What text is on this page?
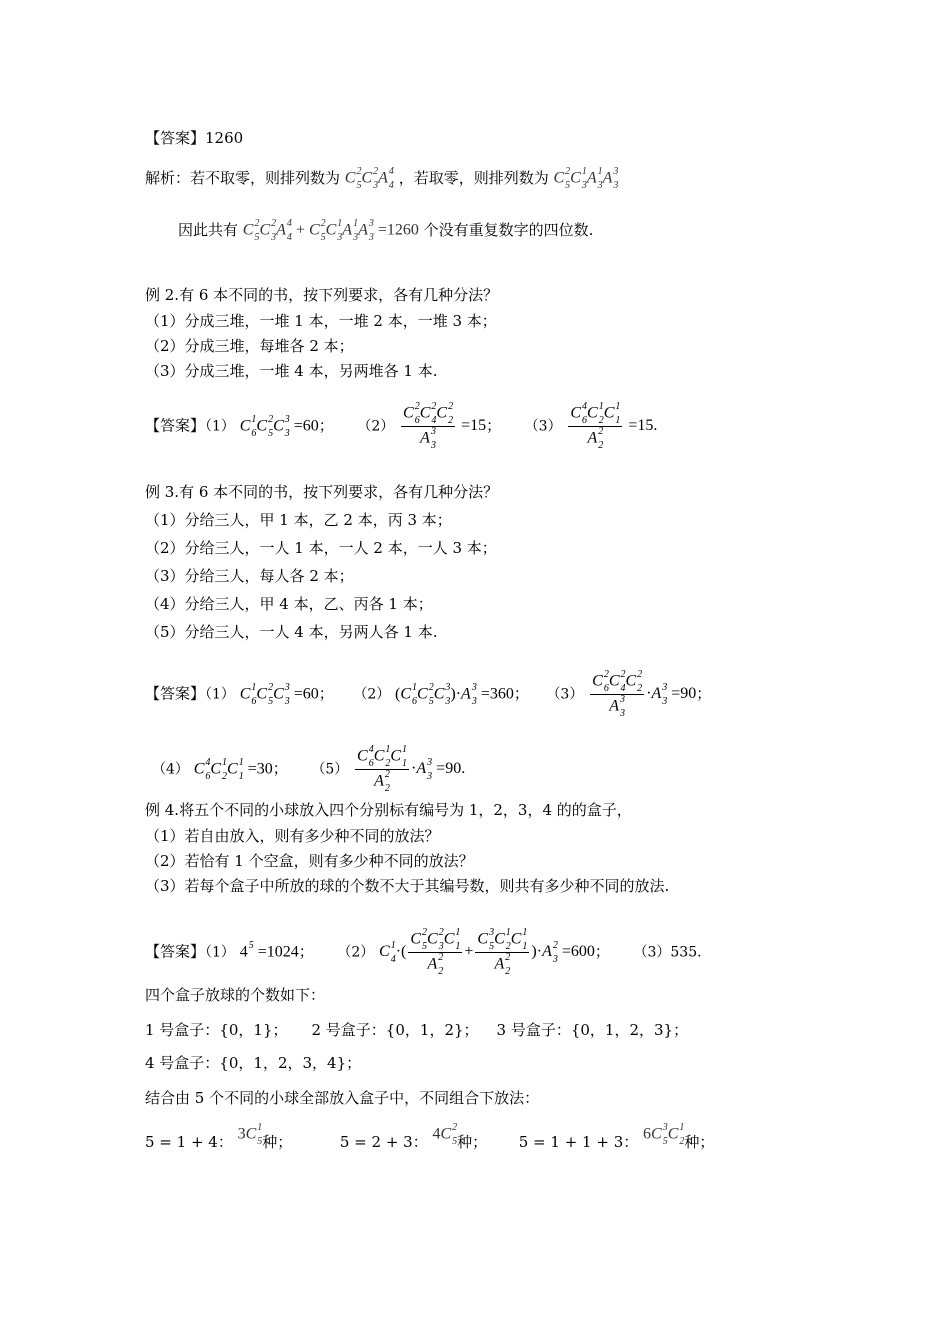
【答案】1260
解析：若不取零，则排列数为 C 2
5 C 2
3 A 4
4 ，若取零，则排列数为 C 2
5 C 1
3 A 1
3 A 3
3
因此共有 C 2
5 C 2
3 A 4
4 + C 2
5 C 1
3 A 1
3 A 3
3 =1260 个没有重复数字的四位数.
例 2.有 6 本不同的书，按下列要求，各有几种分法？
（1）分成三堆，一堆 1 本，一堆 2 本，一堆 3 本；
（2）分成三堆，每堆各 2 本；
（3）分成三堆，一堆 4 本，另两堆各 1 本.
【答案】（1） C 1
6 C 2
5 C 3
3 =60； （2） C 2
6 C 2
4 C 2
2
A 3
3 =15； （3） C 4
6 C 1
2 C 1
1
A 2
2 =15.
例 3.有 6 本不同的书，按下列要求，各有几种分法？
（1）分给三人，甲 1 本，乙 2 本，丙 3 本；
（2）分给三人，一人 1 本，一人 2 本，一人 3 本；
（3）分给三人，每人各 2 本；
（4）分给三人，甲 4 本，乙、丙各 1 本；
（5）分给三人，一人 4 本，另两人各 1 本.
【答案】（1） C 1
6 C 2
5 C 3
3 =60； （2） (C 1
6 C 2
5 C 3
3 )·A 3
3 =360； （3） C 2
6 C 2
4 C 2
2
A 3
3 ·A 3
3 =90；
（4） C 4
6 C 1
2 C 1
1 =30； （5） C 4
6 C 1
2 C 1
1
A 2
2 ·A 3
3 =90.
例 4.将五个不同的小球放入四个分别标有编号为 1，2，3，4 的的盒子，
（1）若自由放入，则有多少种不同的放法？
（2）若恰有 1 个空盒，则有多少种不同的放法？
（3）若每个盒子中所放的球的个数不大于其编号数，则共有多少种不同的放法.
【答案】（1） 4 5
=1024； （2） C 1
4 ·( C 2
5 C 2
3 C 1
1
A 2
2 + C 3
5 C 1
2 C 1
1
A 2
2 )·A 2
3 =600； （3）535.
四个盒子放球的个数如下：
1 号盒子：{0，1}； 2 号盒子：{0，1，2}； 3 号盒子：{0，1，2，3}；
4 号盒子：{0，1，2，3，4}；
结合由 5 个不同的小球全部放入盒子中，不同组合下放法：
5 = 1 + 4： 3C 1
5 种；	5 = 2 + 3： 4C 2
5 种； 5 = 1 + 1 + 3： 6C 3
5 C 1
2 种；
